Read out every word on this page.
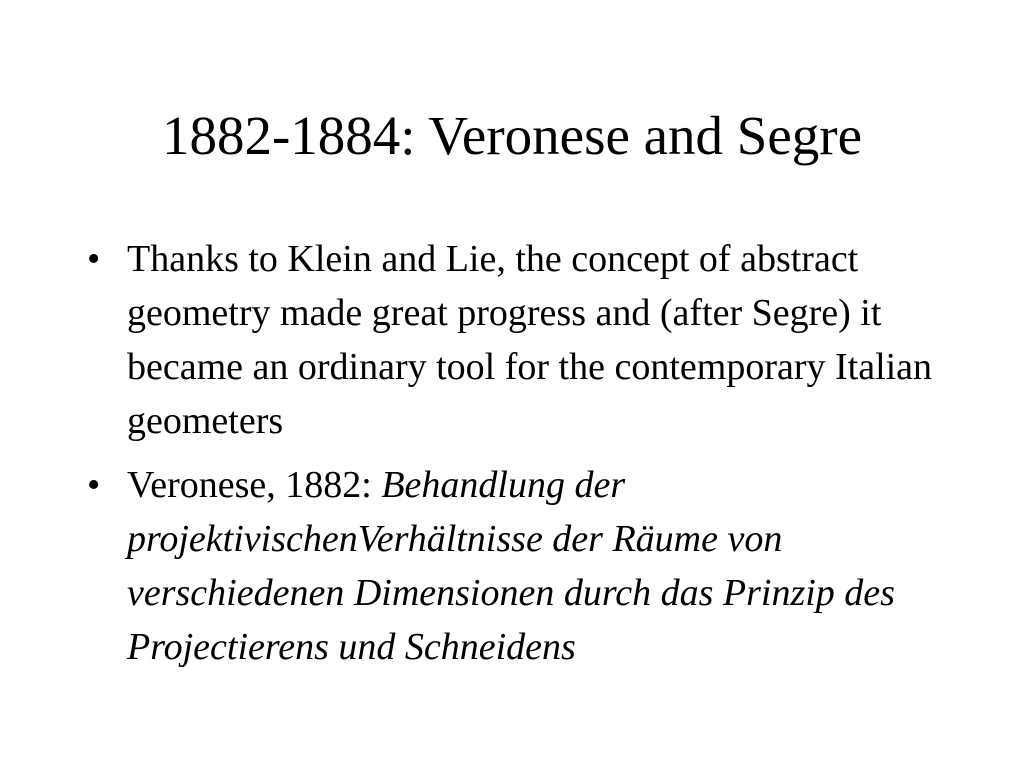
1882-1884: Veronese and Segre
• Thanks to Klein and Lie, the concept of abstract geometry made great progress and (after Segre) it became an ordinary tool for the contemporary Italian geometers
• Veronese, 1882: Behandlung der projektivischenVerhältnisse der Räume von verschiedenen Dimensionen durch das Prinzip des Projectierens und Schneidens
